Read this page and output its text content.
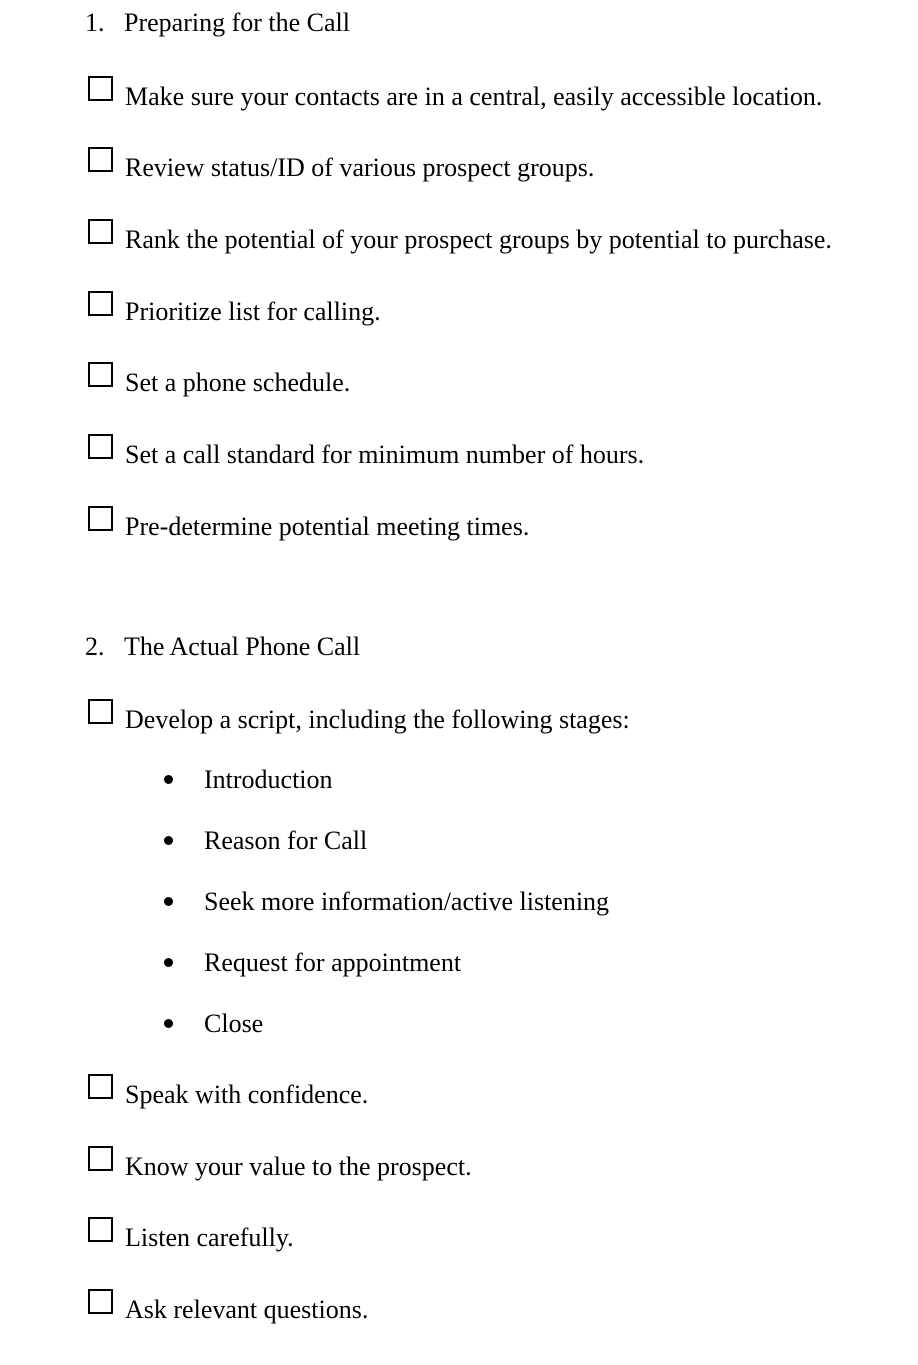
1. Preparing for the Call
Make sure your contacts are in a central, easily accessible location.
Review status/ID of various prospect groups.
Rank the potential of your prospect groups by potential to purchase.
Prioritize list for calling.
Set a phone schedule.
Set a call standard for minimum number of hours.
Pre-determine potential meeting times.
2. The Actual Phone Call
Develop a script, including the following stages:
Introduction
Reason for Call
Seek more information/active listening
Request for appointment
Close
Speak with confidence.
Know your value to the prospect.
Listen carefully.
Ask relevant questions.
